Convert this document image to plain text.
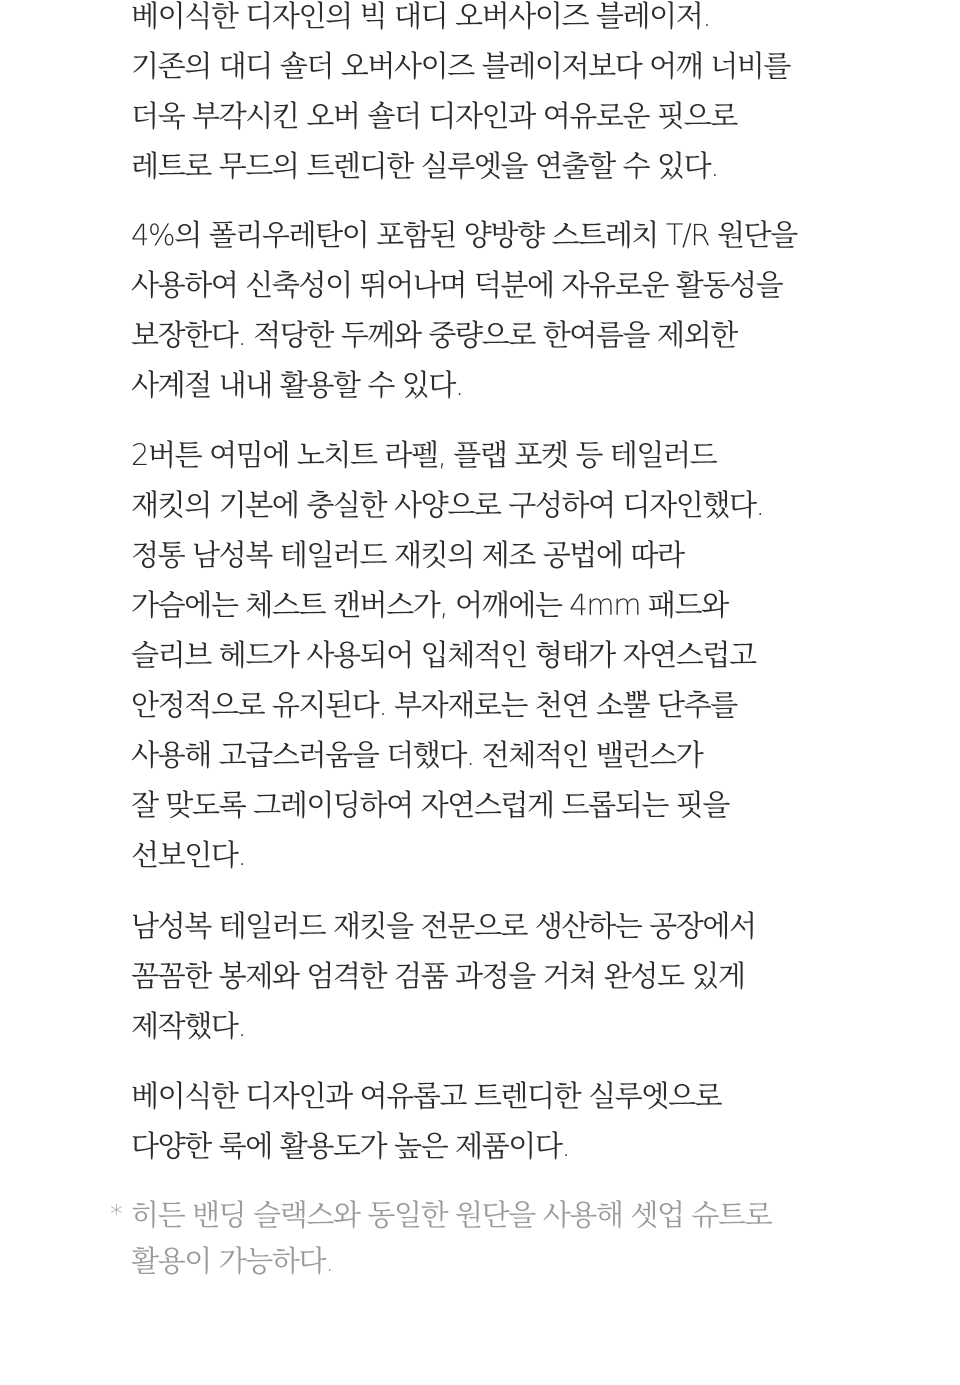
베이식한 디자인의 빅 대디 오버사이즈 블레이저.
기존의 대디 숄더 오버사이즈 블레이저보다 어깨 너비를
더욱 부각시킨 오버 숄더 디자인과 여유로운 핏으로
레트로 무드의 트렌디한 실루엣을 연출할 수 있다.
4%의 폴리우레탄이 포함된 양방향 스트레치 T/R 원단을
사용하여 신축성이 뛰어나며 덕분에 자유로운 활동성을
보장한다. 적당한 두께와 중량으로 한여름을 제외한
사계절 내내 활용할 수 있다.
2버튼 여밈에 노치트 라펠, 플랩 포켓 등 테일러드
재킷의 기본에 충실한 사양으로 구성하여 디자인했다.
정통 남성복 테일러드 재킷의 제조 공법에 따라
가슴에는 체스트 캔버스가, 어깨에는 4mm 패드와
슬리브 헤드가 사용되어 입체적인 형태가 자연스럽고
안정적으로 유지된다. 부자재로는 천연 소뿔 단추를
사용해 고급스러움을 더했다. 전체적인 밸런스가
잘 맞도록 그레이딩하여 자연스럽게 드롭되는 핏을
선보인다.
남성복 테일러드 재킷을 전문으로 생산하는 공장에서
꼼꼼한 봉제와 엄격한 검품 과정을 거쳐 완성도 있게
제작했다.
베이식한 디자인과 여유롭고 트렌디한 실루엣으로
다양한 룩에 활용도가 높은 제품이다.
* 히든 밴딩 슬랙스와 동일한 원단을 사용해 셋업 슈트로
활용이 가능하다.
